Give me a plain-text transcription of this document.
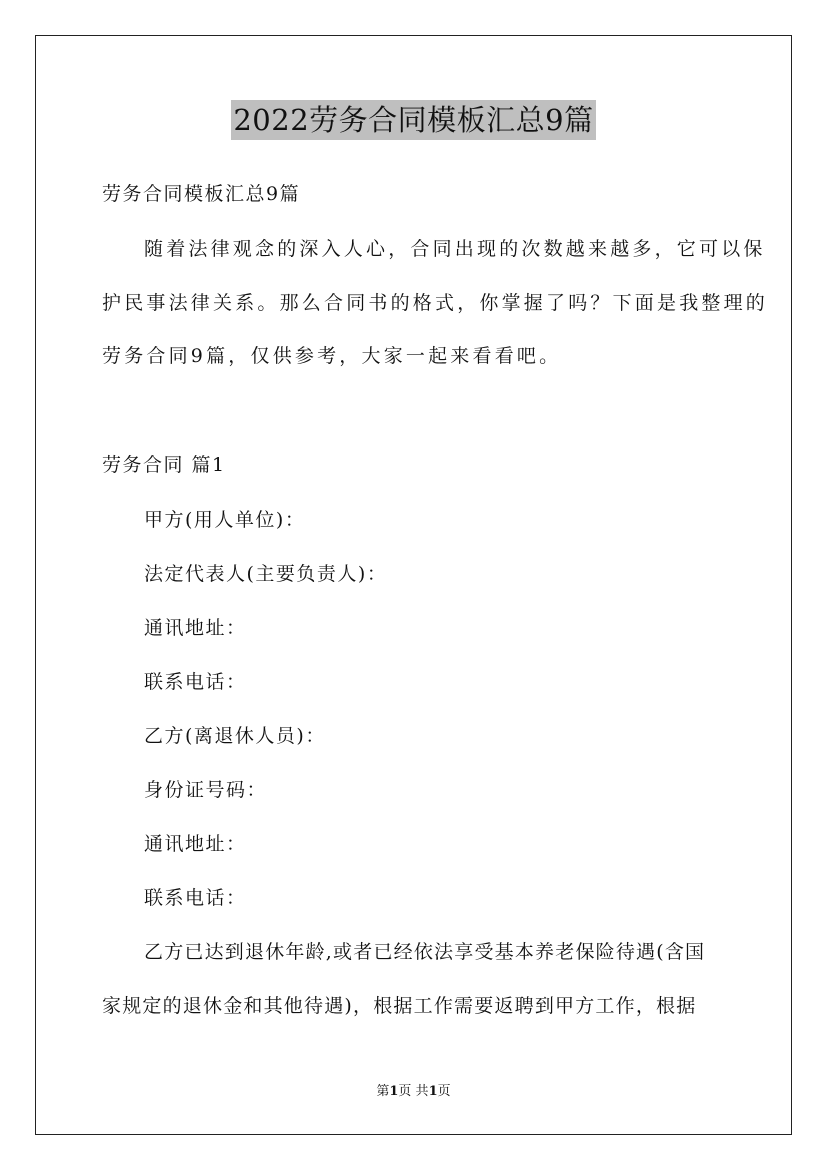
2022劳务合同模板汇总9篇
劳务合同模板汇总9篇
随着法律观念的深入人心，合同出现的次数越来越多，它可以保
护民事法律关系。那么合同书的格式，你掌握了吗？下面是我整理的
劳务合同9篇，仅供参考，大家一起来看看吧。
劳务合同 篇1
甲方(用人单位)：
法定代表人(主要负责人)：
通讯地址：
联系电话：
乙方(离退休人员)：
身份证号码：
通讯地址：
联系电话：
乙方已达到退休年龄,或者已经依法享受基本养老保险待遇(含国
家规定的退休金和其他待遇)，根据工作需要返聘到甲方工作，根据
第1页 共1页
